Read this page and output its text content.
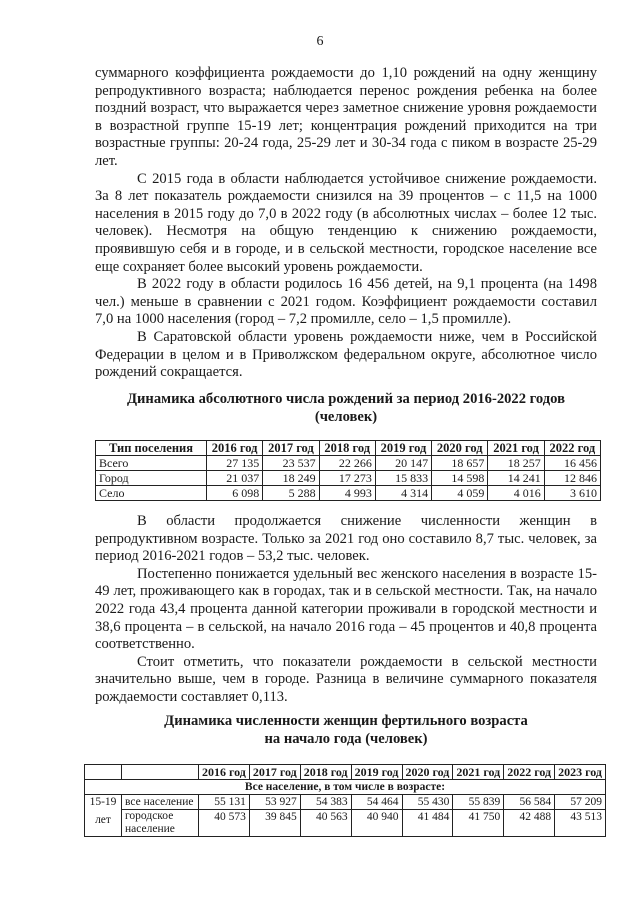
6

суммарного коэффициента рождаемости до 1,10 рождений на одну женщину репродуктивного возраста; наблюдается перенос рождения ребенка на более поздний возраст, что выражается через заметное снижение уровня рождаемости в возрастной группе 15-19 лет; концентрация рождений приходится на три возрастные группы: 20-24 года, 25-29 лет и 30-34 года с пиком в возрасте 25-29 лет.

С 2015 года в области наблюдается устойчивое снижение рождаемости. За 8 лет показатель рождаемости снизился на 39 процентов – с 11,5 на 1000 населения в 2015 году до 7,0 в 2022 году (в абсолютных числах – более 12 тыс. человек). Несмотря на общую тенденцию к снижению рождаемости, проявившую себя и в городе, и в сельской местности, городское население все еще сохраняет более высокий уровень рождаемости.

В 2022 году в области родилось 16 456 детей, на 9,1 процента (на 1498 чел.) меньше в сравнении с 2021 годом. Коэффициент рождаемости составил 7,0 на 1000 населения (город – 7,2 промилле, село – 1,5 промилле).

В Саратовской области уровень рождаемости ниже, чем в Российской Федерации в целом и в Приволжском федеральном округе, абсолютное число рождений сокращается.

Динамика абсолютного числа рождений за период 2016-2022 годов
(человек)
Тип поселения	2016 год	2017 год	2018 год	2019 год	2020 год	2021 год	2022 год
Всего	27 135	23 537	22 266	20 147	18 657	18 257	16 456
Город	21 037	18 249	17 273	15 833	14 598	14 241	12 846
Село	6 098	5 288	4 993	4 314	4 059	4 016	3 610

В области продолжается снижение численности женщин в репродуктивном возрасте. Только за 2021 год оно составило 8,7 тыс. человек, за период 2016-2021 годов – 53,2 тыс. человек.

Постепенно понижается удельный вес женского населения в возрасте 15-49 лет, проживающего как в городах, так и в сельской местности. Так, на начало 2022 года 43,4 процента данной категории проживали в городской местности и 38,6 процента – в сельской, на начало 2016 года – 45 процентов и 40,8 процента соответственно.

Стоит отметить, что показатели рождаемости в сельской местности значительно выше, чем в городе. Разница в величине суммарного показателя рождаемости составляет 0,113.

Динамика численности женщин фертильного возраста
на начало года (человек)
		2016 год	2017 год	2018 год	2019 год	2020 год	2021 год	2022 год	2023 год
Все население, в том числе в возрасте:									

15-19
лет	все население	55 131	53 927	54 383	54 464	55 430	55 839	56 584	57 209
	городское население	40 573	39 845	40 563	40 940	41 484	41 750	42 488	43 513
